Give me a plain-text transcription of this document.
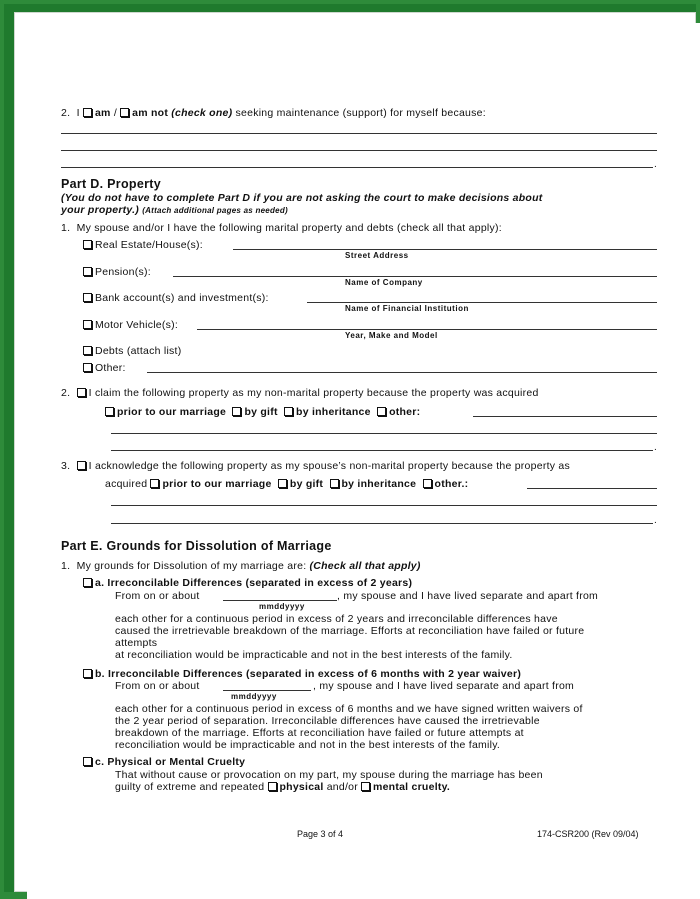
2. I am / am not (check one) seeking maintenance (support) for myself because:
.
Part D. Property
(You do not have to complete Part D if you are not asking the court to make decisions about
your property.) (Attach additional pages as needed)
1. My spouse and/or I have the following marital property and debts (check all that apply):
Real Estate/House(s):
Street Address
Pension(s):
Name of Company
Bank account(s) and investment(s):
Name of Financial Institution
Motor Vehicle(s):
Year, Make and Model
Debts (attach list)
Other:
2. I claim the following property as my non-marital property because the property was acquired
prior to our marriage by gift by inheritance other:
.
3. I acknowledge the following property as my spouse’s non-marital property because the property as
acquired prior to our marriage by gift by inheritance other.:
.
Part E. Grounds for Dissolution of Marriage
1. My grounds for Dissolution of my marriage are: (Check all that apply)
a. Irreconcilable Differences (separated in excess of 2 years)
From on or about	, my spouse and I have lived separate and apart from
mmddyyyy
each other for a continuous period in excess of 2 years and irreconcilable differences have
caused the irretrievable breakdown of the marriage. Efforts at reconciliation have failed or future
attempts
at reconciliation would be impracticable and not in the best interests of the family.
b. Irreconcilable Differences (separated in excess of 6 months with 2 year waiver)
From on or about	, my spouse and I have lived separate and apart from
mmddyyyy
each other for a continuous period in excess of 6 months and we have signed written waivers of
the 2 year period of separation. Irreconcilable differences have caused the irretrievable
breakdown of the marriage. Efforts at reconciliation have failed or future attempts at
reconciliation would be impracticable and not in the best interests of the family.
c. Physical or Mental Cruelty
That without cause or provocation on my part, my spouse during the marriage has been
guilty of extreme and repeated physical and/or mental cruelty.
Page 3 of 4	174-CSR200 (Rev 09/04)
